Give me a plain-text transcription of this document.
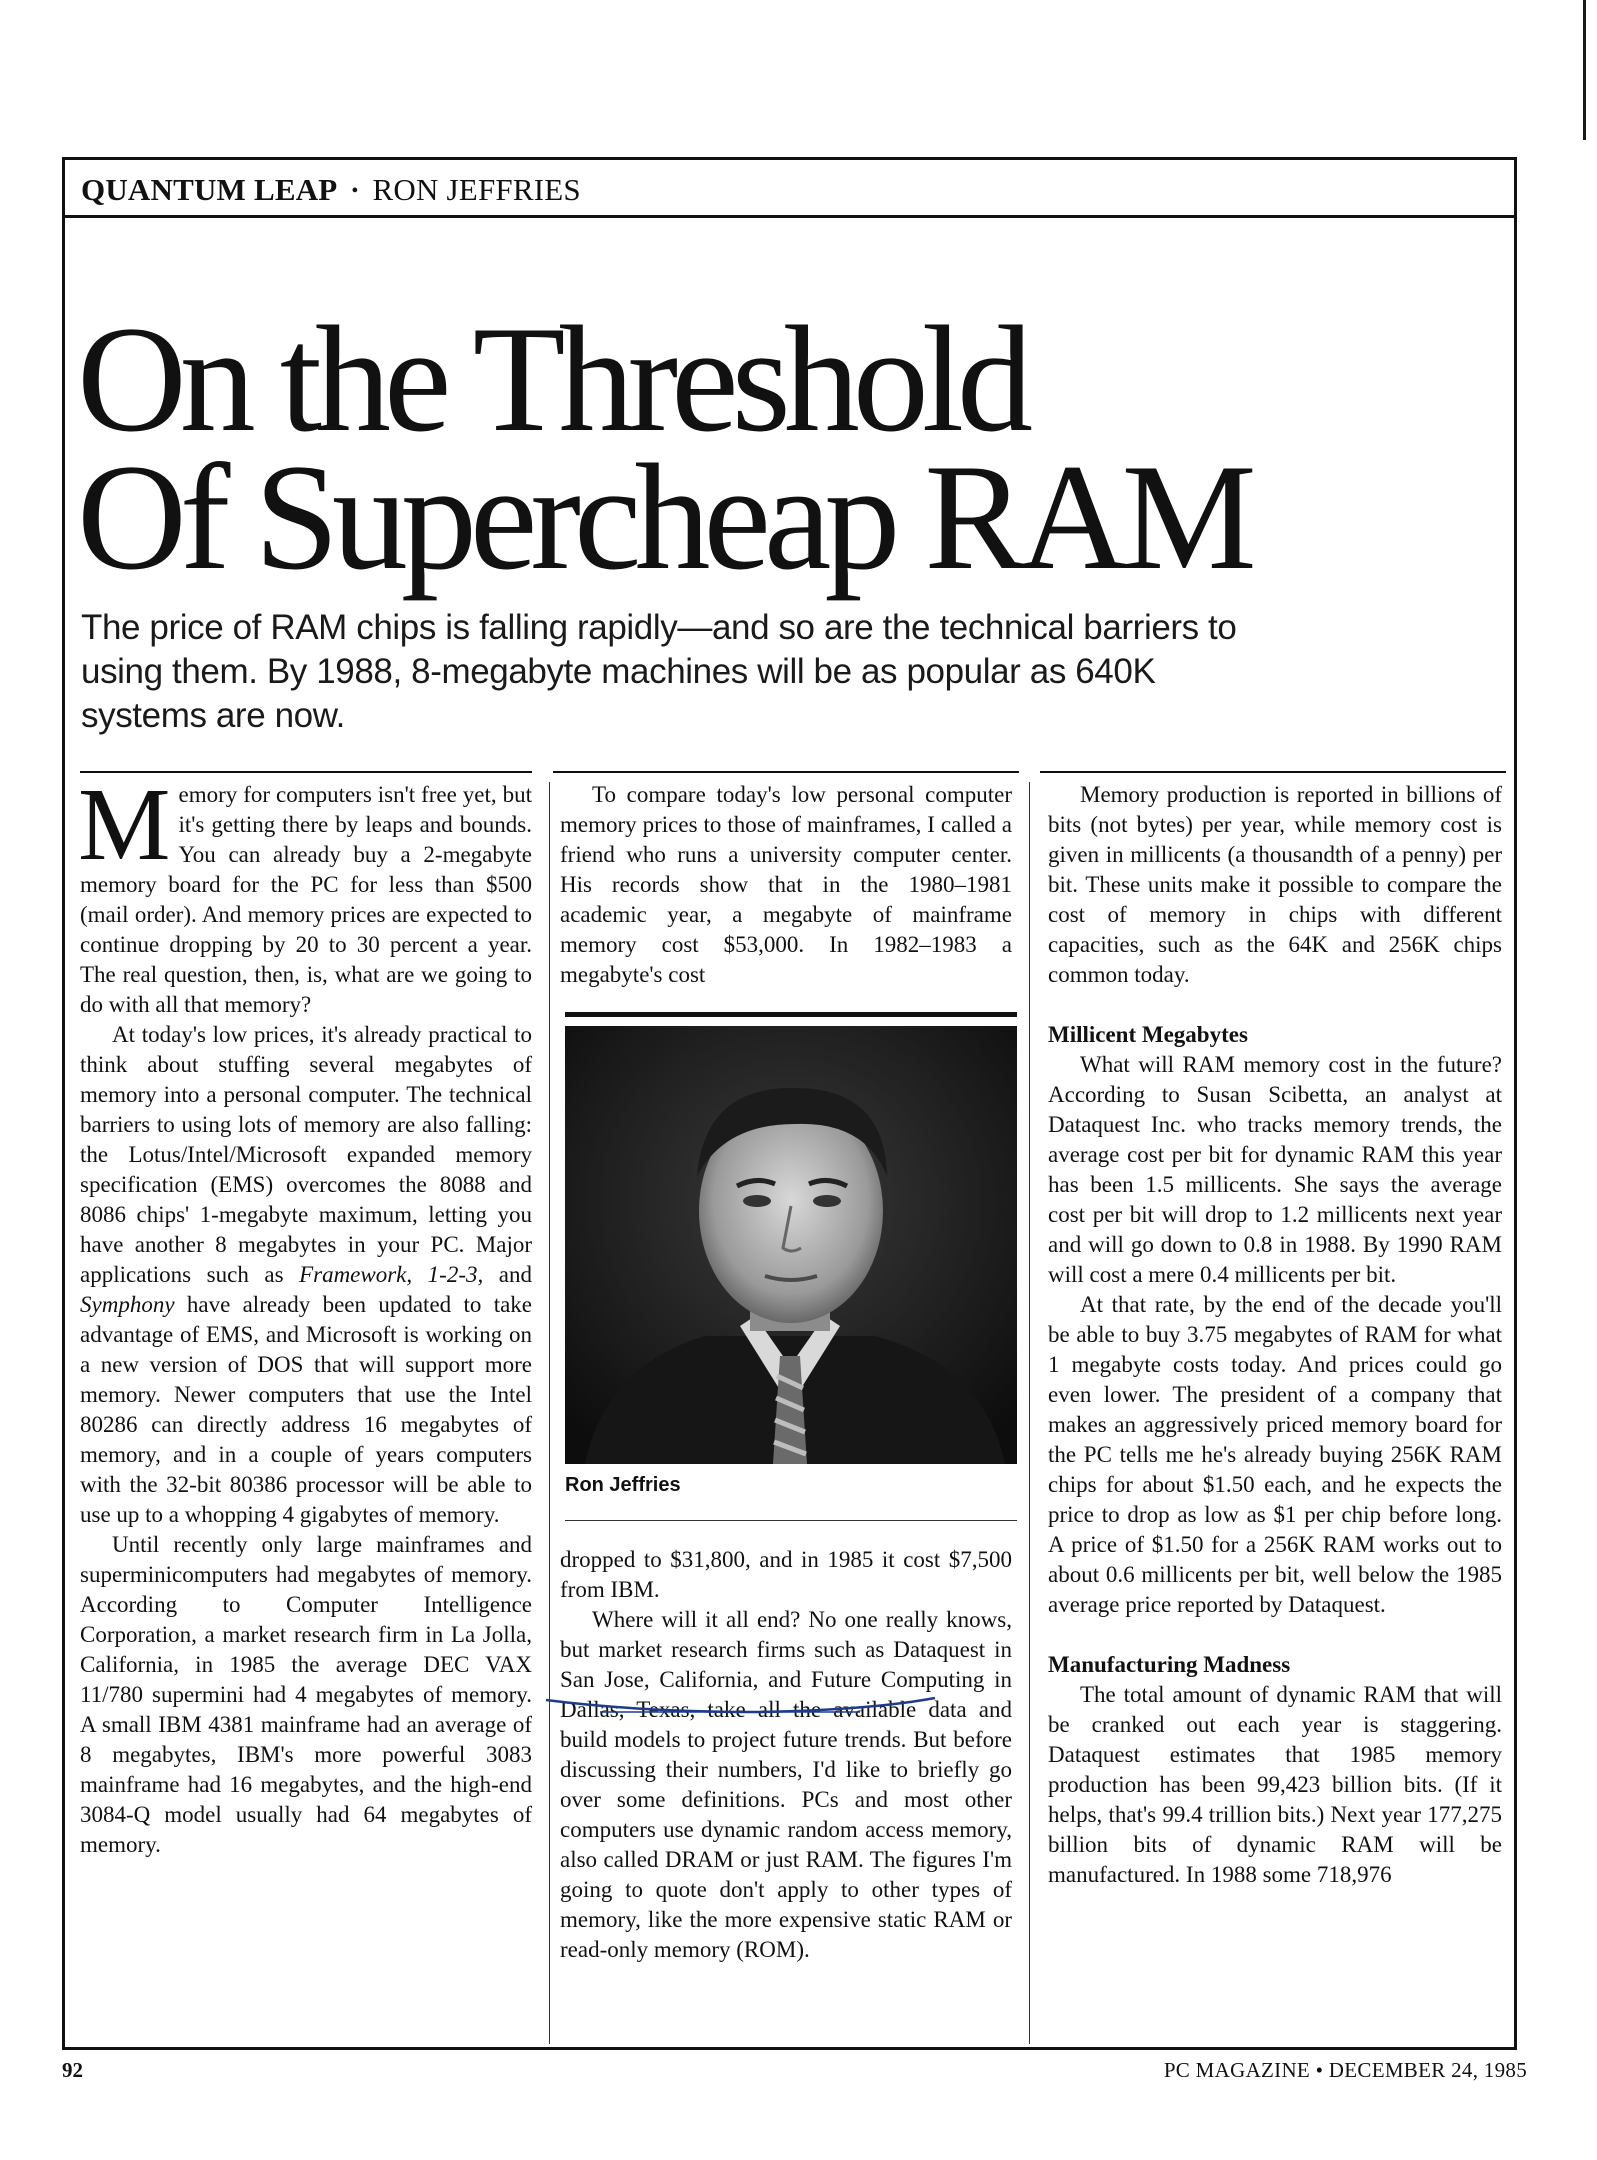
QUANTUM LEAP • RON JEFFRIES
On the Threshold
Of Supercheap RAM
The price of RAM chips is falling rapidly—and so are the technical barriers to using them. By 1988, 8-megabyte machines will be as popular as 640K systems are now.

Memory for computers isn't free yet, but it's getting there by leaps and bounds. You can already buy a 2-megabyte memory board for the PC for less than $500 (mail order). And memory prices are expected to continue dropping by 20 to 30 percent a year. The real question, then, is, what are we going to do with all that memory?

At today's low prices, it's already practical to think about stuffing several megabytes of memory into a personal computer. The technical barriers to using lots of memory are also falling: the Lotus/Intel/Microsoft expanded memory specification (EMS) overcomes the 8088 and 8086 chips' 1-megabyte maximum, letting you have another 8 megabytes in your PC. Major applications such as Framework, 1-2-3, and Symphony have already been updated to take advantage of EMS, and Microsoft is working on a new version of DOS that will support more memory. Newer computers that use the Intel 80286 can directly address 16 megabytes of memory, and in a couple of years computers with the 32-bit 80386 processor will be able to use up to a whopping 4 gigabytes of memory.

Until recently only large mainframes and superminicomputers had megabytes of memory. According to Computer Intelligence Corporation, a market research firm in La Jolla, California, in 1985 the average DEC VAX 11/780 supermini had 4 megabytes of memory. A small IBM 4381 mainframe had an average of 8 megabytes, IBM's more powerful 3083 mainframe had 16 megabytes, and the high-end 3084-Q model usually had 64 megabytes of memory.

To compare today's low personal computer memory prices to those of mainframes, I called a friend who runs a university computer center. His records show that in the 1980–1981 academic year, a megabyte of mainframe memory cost $53,000. In 1982–1983 a megabyte's cost

Ron Jeffries

dropped to $31,800, and in 1985 it cost $7,500 from IBM.

Where will it all end? No one really knows, but market research firms such as Dataquest in San Jose, California, and Future Computing in Dallas, Texas, take all the available data and build models to project future trends. But before discussing their numbers, I'd like to briefly go over some definitions. PCs and most other computers use dynamic random access memory, also called DRAM or just RAM. The figures I'm going to quote don't apply to other types of memory, like the more expensive static RAM or read-only memory (ROM).

Memory production is reported in billions of bits (not bytes) per year, while memory cost is given in millicents (a thousandth of a penny) per bit. These units make it possible to compare the cost of memory in chips with different capacities, such as the 64K and 256K chips common today.

Millicent Megabytes

What will RAM memory cost in the future? According to Susan Scibetta, an analyst at Dataquest Inc. who tracks memory trends, the average cost per bit for dynamic RAM this year has been 1.5 millicents. She says the average cost per bit will drop to 1.2 millicents next year and will go down to 0.8 in 1988. By 1990 RAM will cost a mere 0.4 millicents per bit.

At that rate, by the end of the decade you'll be able to buy 3.75 megabytes of RAM for what 1 megabyte costs today. And prices could go even lower. The president of a company that makes an aggressively priced memory board for the PC tells me he's already buying 256K RAM chips for about $1.50 each, and he expects the price to drop as low as $1 per chip before long. A price of $1.50 for a 256K RAM works out to about 0.6 millicents per bit, well below the 1985 average price reported by Dataquest.

Manufacturing Madness

The total amount of dynamic RAM that will be cranked out each year is staggering. Dataquest estimates that 1985 memory production has been 99,423 billion bits. (If it helps, that's 99.4 trillion bits.) Next year 177,275 billion bits of dynamic RAM will be manufactured. In 1988 some 718,976

92	PC MAGAZINE • DECEMBER 24, 1985
